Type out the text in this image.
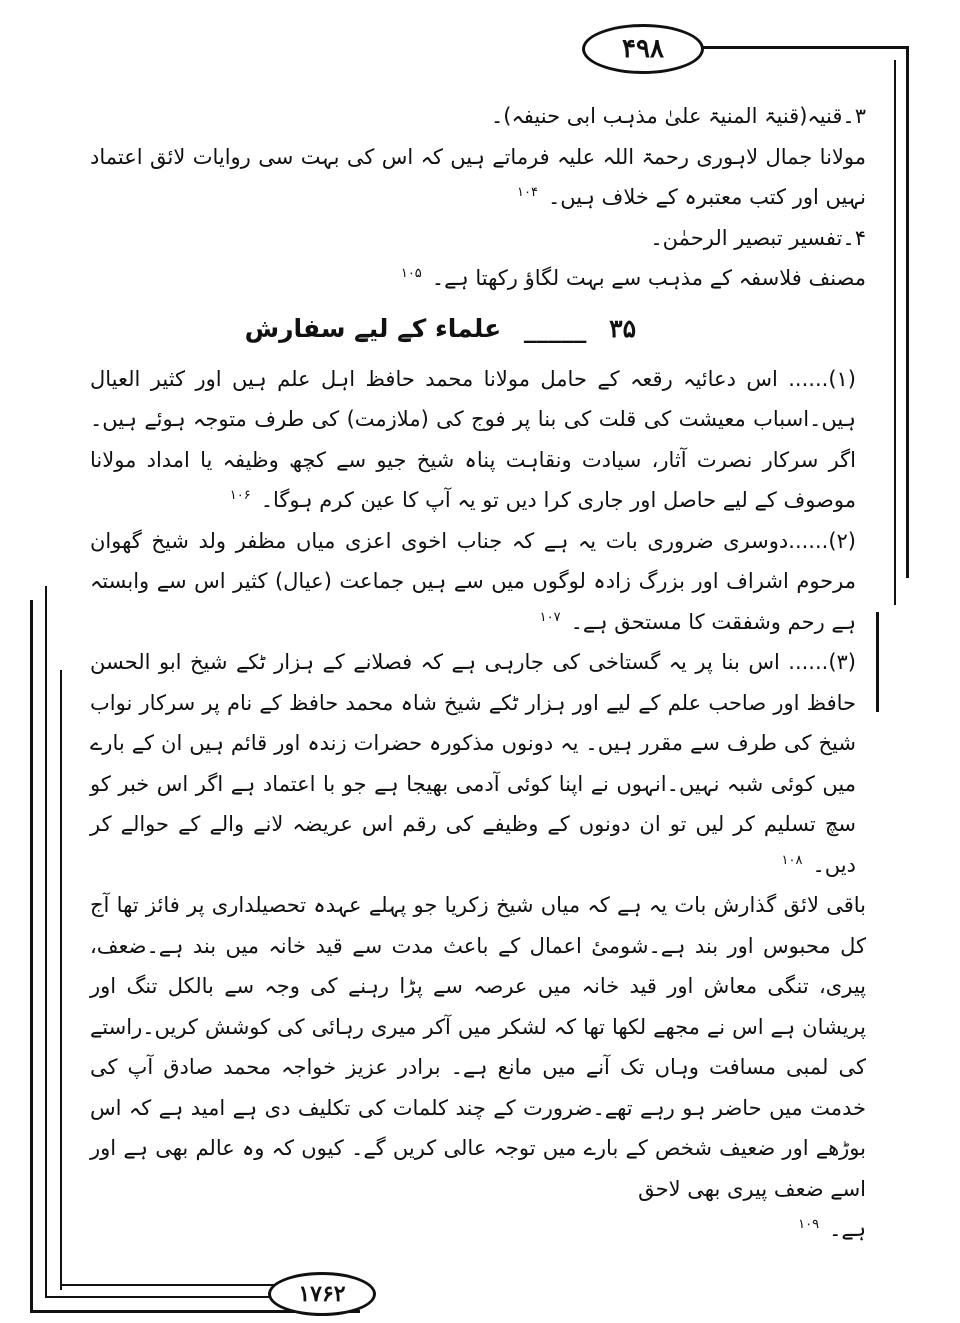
۴۹۸

۳۔قنیہ(قنیۃ المنیۃ علیٰ مذہب ابی حنیفہ)۔

مولانا جمال لاہوری رحمۃ اللہ علیہ فرماتے ہیں کہ اس کی بہت سی روایات لائق اعتماد نہیں اور کتب معتبرہ کے خلاف ہیں۔$^{۱۰۴}$

۴۔تفسیر تبصیر الرحمٰن۔

مصنف فلاسفہ کے مذہب سے بہت لگاؤ رکھتا ہے۔$^{۱۰۵}$

۳۵ _____ علماء کے لیے سفارش

(۱)...... اس دعائیہ رقعہ کے حامل مولانا محمد حافظ اہل علم ہیں اور کثیر العیال ہیں۔اسباب معیشت کی قلت کی بنا پر فوج کی (ملازمت) کی طرف متوجہ ہوئے ہیں۔اگر سرکار نصرت آثار، سیادت ونقاہت پناہ شیخ جیو سے کچھ وظیفہ یا امداد مولانا موصوف کے لیے حاصل اور جاری کرا دیں تو یہ آپ کا عین کرم ہوگا۔$^{۱۰۶}$

(۲)......دوسری ضروری بات یہ ہے کہ جناب اخوی اعزی میاں مظفر ولد شیخ گھوان مرحوم اشراف اور بزرگ زادہ لوگوں میں سے ہیں جماعت (عیال) کثیر اس سے وابستہ ہے رحم وشفقت کا مستحق ہے۔$^{۱۰۷}$

(۳)...... اس بنا پر یہ گستاخی کی جارہی ہے کہ فصلانے کے ہزار ٹکے شیخ ابو الحسن حافظ اور صاحب علم کے لیے اور ہزار ٹکے شیخ شاہ محمد حافظ کے نام پر سرکار نواب شیخ کی طرف سے مقرر ہیں۔ یہ دونوں مذکورہ حضرات زندہ اور قائم ہیں ان کے بارے میں کوئی شبہ نہیں۔انہوں نے اپنا کوئی آدمی بھیجا ہے جو با اعتماد ہے اگر اس خبر کو سچ تسلیم کر لیں تو ان دونوں کے وظیفے کی رقم اس عریضہ لانے والے کے حوالے کر دیں۔$^{۱۰۸}$

باقی لائق گذارش بات یہ ہے کہ میاں شیخ زکریا جو پہلے عہدہ تحصیلداری پر فائز تھا آج کل محبوس اور بند ہے۔شومیٔ اعمال کے باعث مدت سے قید خانہ میں بند ہے۔ضعف، پیری، تنگی معاش اور قید خانہ میں عرصہ سے پڑا رہنے کی وجہ سے بالکل تنگ اور پریشان ہے اس نے مجھے لکھا تھا کہ لشکر میں آکر میری رہائی کی کوشش کریں۔راستے کی لمبی مسافت وہاں تک آنے میں مانع ہے۔ برادر عزیز خواجہ محمد صادق آپ کی خدمت میں حاضر ہو رہے تھے۔ضرورت کے چند کلمات کی تکلیف دی ہے امید ہے کہ اس بوڑھے اور ضعیف شخص کے بارے میں توجہ عالی کریں گے۔ کیوں کہ وہ عالم بھی ہے اور اسے ضعف پیری بھی لاحق

ہے۔$^{۱۰۹}$

۱۷۶۲
